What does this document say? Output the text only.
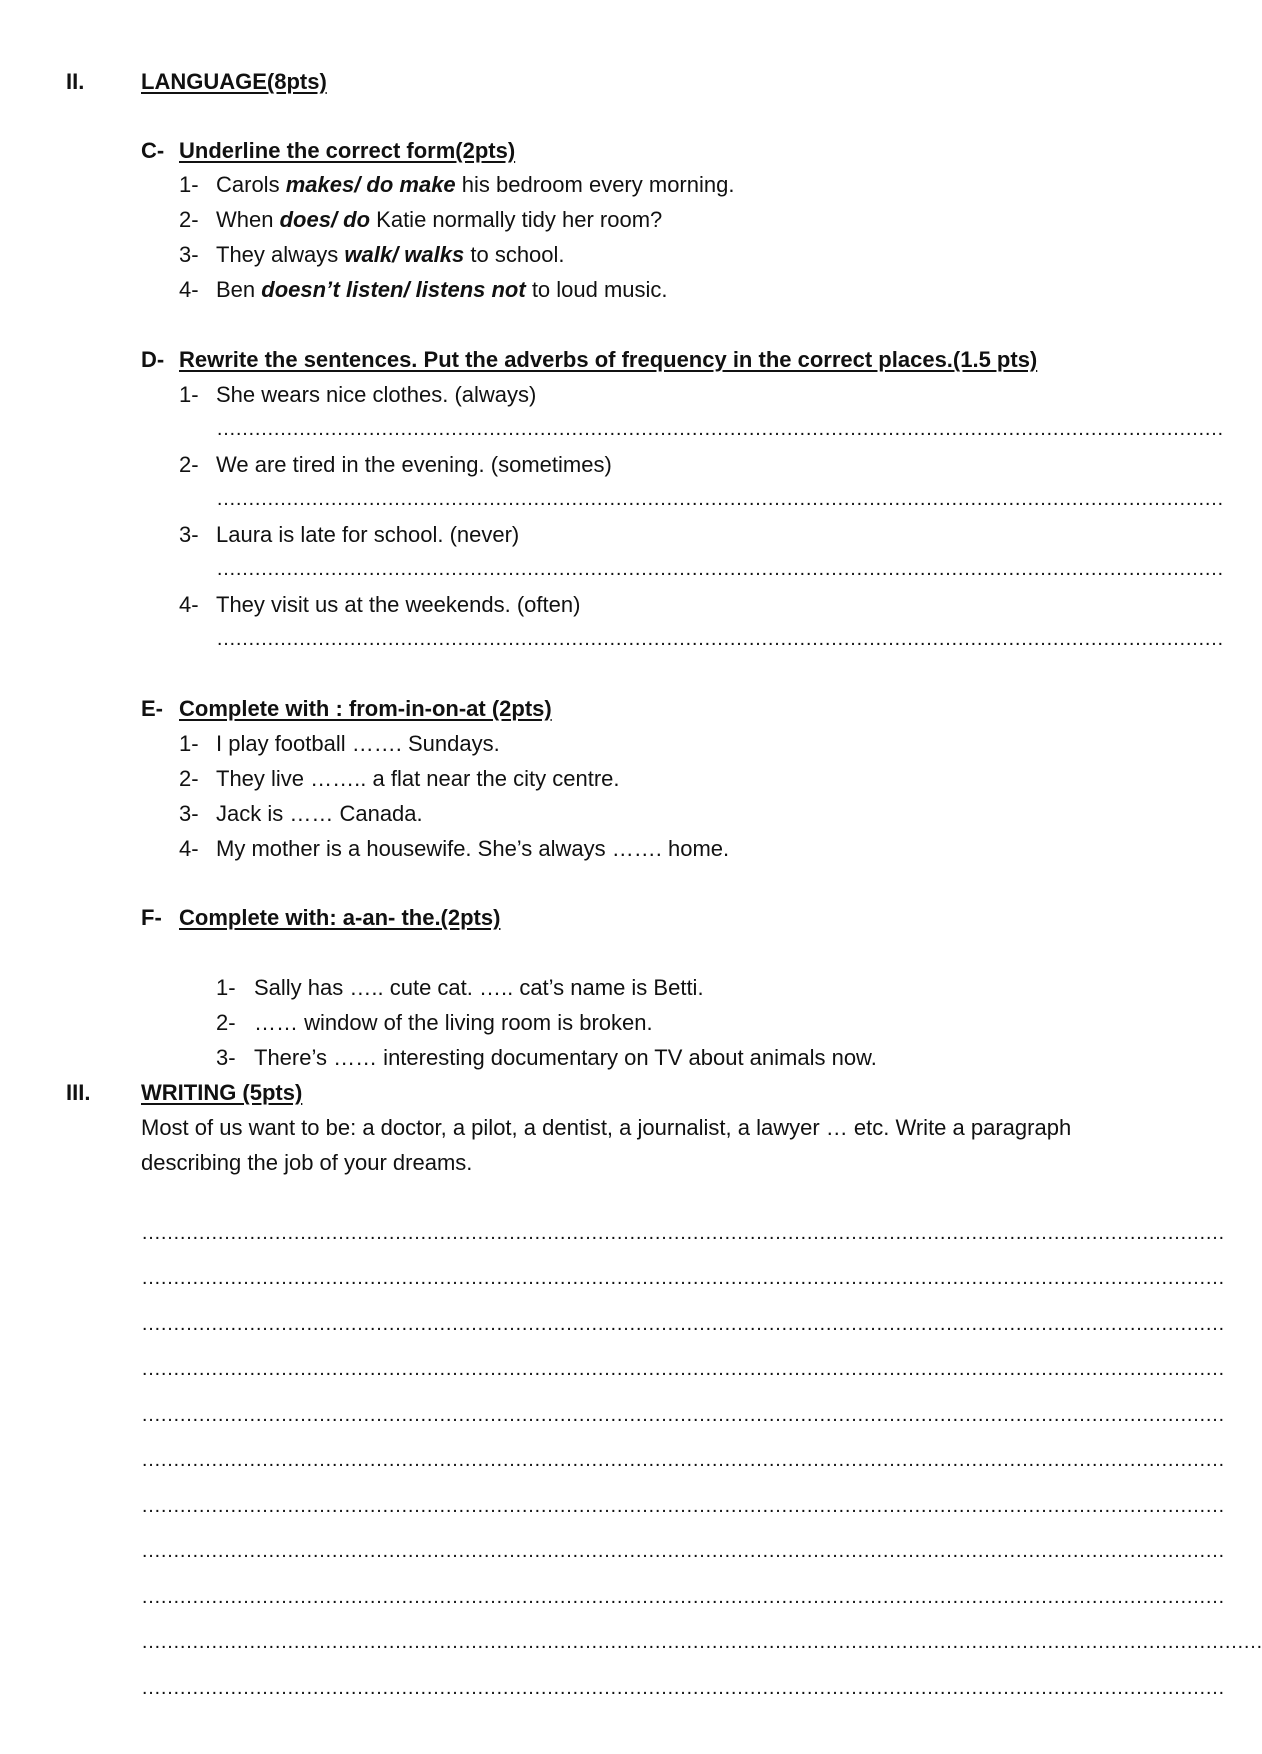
II.	LANGUAGE(8pts)
C- Underline the correct form(2pts)
1- Carols makes/ do make his bedroom every morning.
2- When does/ do Katie normally tidy her room?
3- They always walk/ walks to school.
4- Ben doesn’t listen/ listens not to loud music.
D- Rewrite the sentences. Put the adverbs of frequency in the correct places.(1.5 pts)
1- She wears nice clothes. (always)
……………………………………………………………………………………………………………………………………………
2- We are tired in the evening. (sometimes)
……………………………………………………………………………………………………………………………………………
3- Laura is late for school. (never)
……………………………………………………………………………………………………………………………………………
4- They visit us at the weekends. (often)
……………………………………………………………………………………………………………………………………………
E- Complete with : from-in-on-at (2pts)
1- I play football ……. Sundays.
2- They live …….. a flat near the city centre.
3- Jack is …… Canada.
4- My mother is a housewife. She’s always ……. home.
F- Complete with: a-an- the.(2pts)
1- Sally has ….. cute cat. ….. cat’s name is Betti.
2- …… window of the living room is broken.
3- There’s …… interesting documentary on TV about animals now.
III. WRITING (5pts)
Most of us want to be: a doctor, a pilot, a dentist, a journalist, a lawyer … etc. Write a paragraph
describing the job of your dreams.
………………………………………………………………………………………………………………………………………………………
………………………………………………………………………………………………………………………………………………………
………………………………………………………………………………………………………………………………………………………
………………………………………………………………………………………………………………………………………………………
………………………………………………………………………………………………………………………………………………………
………………………………………………………………………………………………………………………………………………………
………………………………………………………………………………………………………………………………………………………
………………………………………………………………………………………………………………………………………………………
………………………………………………………………………………………………………………………………………………………
……………………………………………………………………………………………………………………………………………………………
………………………………………………………………………………………………………………………………………………………
